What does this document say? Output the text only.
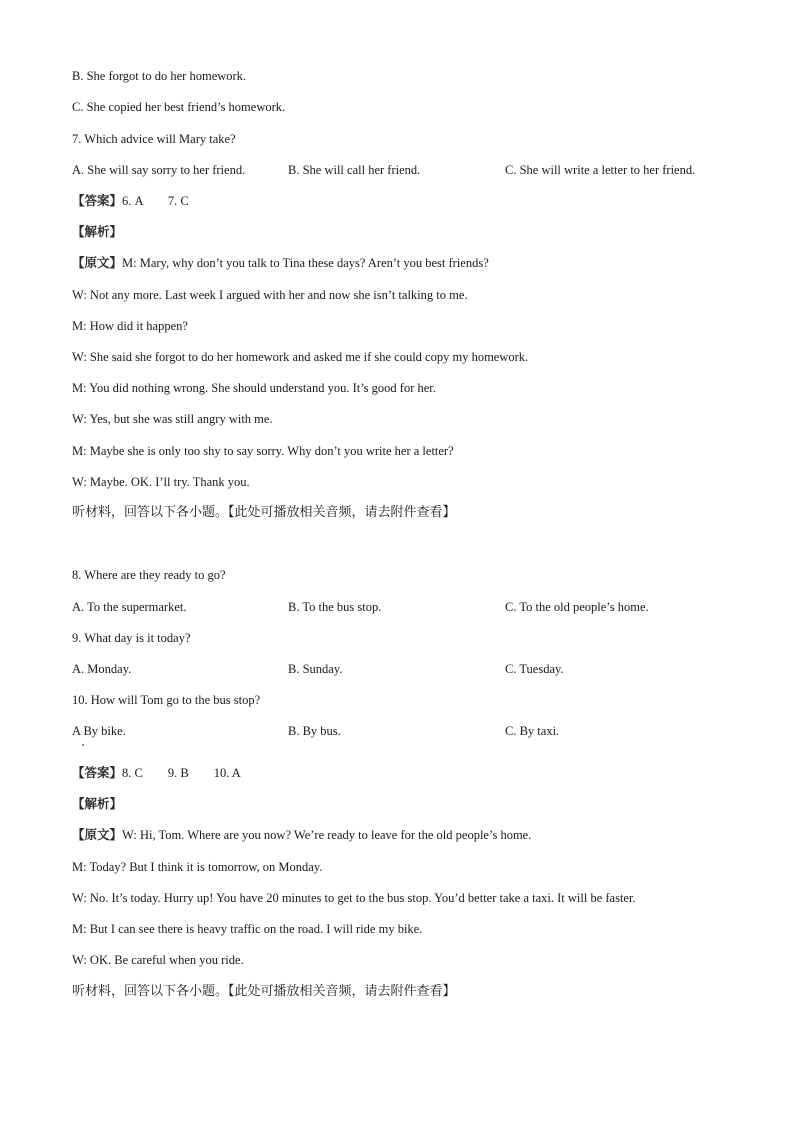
B. She forgot to do her homework.
C. She copied her best friend’s homework.
7. Which advice will Mary take?
A. She will say sorry to her friend.	B. She will call her friend.	C. She will write a letter to her friend.
【答案】6. A        7. C
【解析】
【原文】M: Mary, why don’t you talk to Tina these days? Aren’t you best friends?
W: Not any more. Last week I argued with her and now she isn’t talking to me.
M: How did it happen?
W: She said she forgot to do her homework and asked me if she could copy my homework.
M: You did nothing wrong. She should understand you. It’s good for her.
W: Yes, but she was still angry with me.
M: Maybe she is only too shy to say sorry. Why don’t you write her a letter?
W: Maybe. OK. I’ll try. Thank you.
听材料，回答以下各小题。【此处可播放相关音频，请去附件查看】
8. Where are they ready to go?
A. To the supermarket.	B. To the bus stop.	C. To the old people’s home.
9. What day is it today?
A. Monday.	B. Sunday.	C. Tuesday.
10. How will Tom go to the bus stop?
A By bike.	B. By bus.	C. By taxi.
【答案】8. C        9. B        10. A
【解析】
【原文】W: Hi, Tom. Where are you now? We’re ready to leave for the old people’s home.
M: Today? But I think it is tomorrow, on Monday.
W: No. It’s today. Hurry up! You have 20 minutes to get to the bus stop. You’d better take a taxi. It will be faster.
M: But I can see there is heavy traffic on the road. I will ride my bike.
W: OK. Be careful when you ride.
听材料，回答以下各小题。【此处可播放相关音频，请去附件查看】
